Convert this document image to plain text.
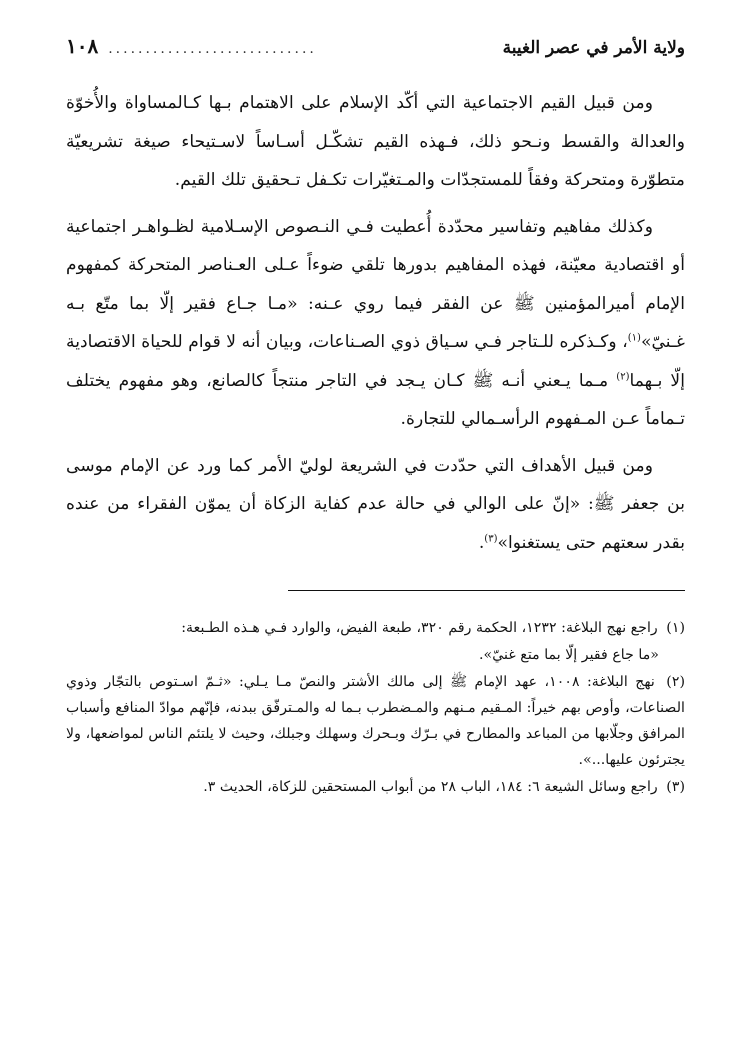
ولاية الأمر في عصر الغيبة
............................
١٠٨

ومن قبيل القيم الاجتماعية التي أكّد الإسلام على الاهتمام بـها كـالمساواة والأُخوّة والعدالة والقسط ونـحو ذلك، فـهذه القيم تشكّـل أسـاساً لاسـتيحاء صيغة تشريعيّة متطوّرة ومتحركة وفقاً للمستجدّات والمـتغيّرات تكـفل تـحقيق تلك القيم.

وكذلك مفاهيم وتفاسير محدّدة أُعطيت فـي النـصوص الإسـلامية لظـواهـر اجتماعية أو اقتصادية معيّنة، فهذه المفاهيم بدورها تلقي ضوءاً عـلى العـناصر المتحركة كمفهوم الإمام أميرالمؤمنين ﷺ عن الفقر فيما روي عـنه: «مـا جـاع فقير إلّا بما متّع بـه غـنيّ»$^{(١)}$، وكـذكره للـتاجر فـي سـياق ذوي الصـناعات، وبيان أنه لا قوام للحياة الاقتصادية إلّا بـهما$^{(٢)}$ مـما يـعني أنـه ﷺ كـان يـجد في التاجر منتجاً كالصانع، وهو مفهوم يختلف تـماماً عـن المـفهوم الرأسـمالي للتجارة.

ومن قبيل الأهداف التي حدّدت في الشريعة لوليّ الأمر كما ورد عن الإمام موسى بن جعفر ﷺ: «إنّ على الوالي في حالة عدم كفاية الزكاة أن يموّن الفقراء من عنده بقدر سعتهم حتى يستغنوا»$^{(٣)}$.

(١) راجع نهج البلاغة: ١٢٣٢، الحكمة رقم ٣٢٠، طبعة الفيض، والوارد فـي هـذه الطـبعة:

«ما جاع فقير إلّا بما متع غنيّ».

(٢) نهج البلاغة: ١٠٠٨، عهد الإمام ﷺ إلى مالك الأشتر والنصّ مـا يـلي: «ثـمّ اسـتوص بالتجّار وذوي الصناعات، وأوص بهم خيراً: المـقيم مـنهم والمـضطرب بـما له والمـترفّق ببدنه، فإنّهم موادّ المنافع وأسباب المرافق وجلّابها من المباعد والمطارح في بـرّك وبـحرك وسهلك وجبلك، وحيث لا يلتئم الناس لمواضعها، ولا يجترئون عليها...».

(٣) راجع وسائل الشيعة ٦: ١٨٤، الباب ٢٨ من أبواب المستحقين للزكاة، الحديث ٣.
